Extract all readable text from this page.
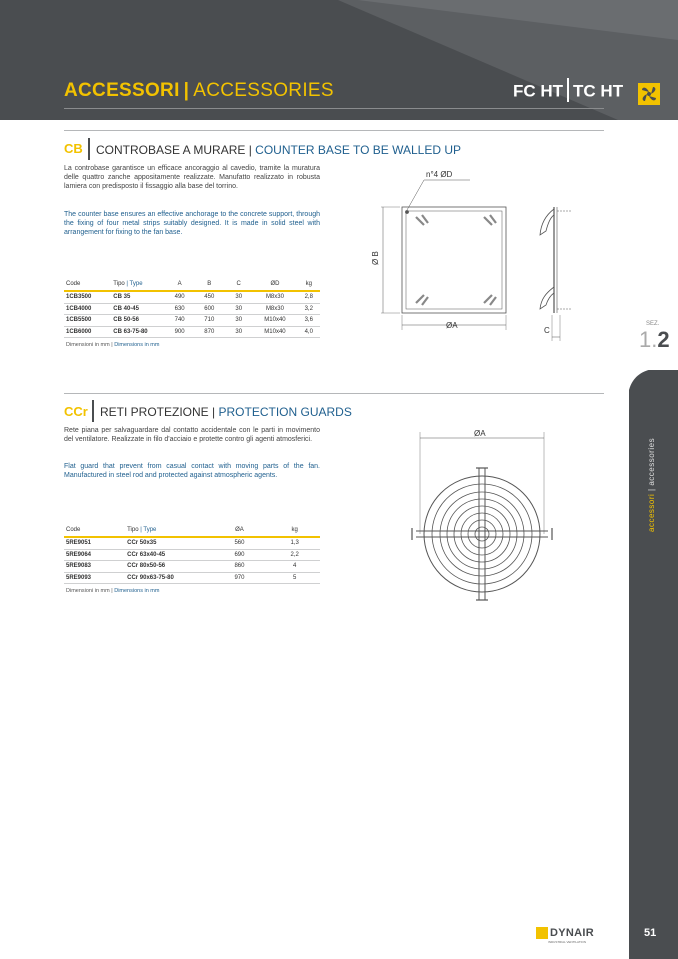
ACCESSORI | ACCESSORIES	FC HT TC HT
SEZ.
1.2
accessori | accessories
CB CONTROBASE A MURARE | COUNTER BASE TO BE WALLED UP
La controbase garantisce un efficace ancoraggio al cavedio, tramite la muratura delle quattro zanche appositamente realizzate. Manufatto realizzato in robusta lamiera con predisposto il fissaggio alla base del torrino.
The counter base ensures an effective anchorage to the concrete support, through the fixing of four metal strips suitably designed. It is made in solid steel with arrangement for fixing to the fan base.
Code	Tipo | Type	A	B	C	ØD	kg
1CB3500	CB 35	490	450	30	M8x30	2,8
1CB4000	CB 40-45	630	600	30	M8x30	3,2
1CB5500	CB 50-56	740	710	30	M10x40	3,6
1CB6000	CB 63-75-80	900	870	30	M10x40	4,0
Dimensioni in mm | Dimensions in mm
n°4 ØD
Ø B
ØA
C
CCr RETI PROTEZIONE | PROTECTION GUARDS
Rete piana per salvaguardare dal contatto accidentale con le parti in movimento del ventilatore. Realizzate in filo d'acciaio e protette contro gli agenti atmosferici.
Flat guard that prevent from casual contact with moving parts of the fan. Manufactured in steel rod and protected against atmospheric agents.
Code	Tipo | Type	ØA	kg
5RE9051	CCr 50x35	560	1,3
5RE9064	CCr 63x40-45	690	2,2
5RE9083	CCr 80x50-56	860	4
5RE9093	CCr 90x63-75-80	970	5
Dimensioni in mm | Dimensions in mm
ØA
DYNAIR
INDUSTRIAL VENTILATION
51
